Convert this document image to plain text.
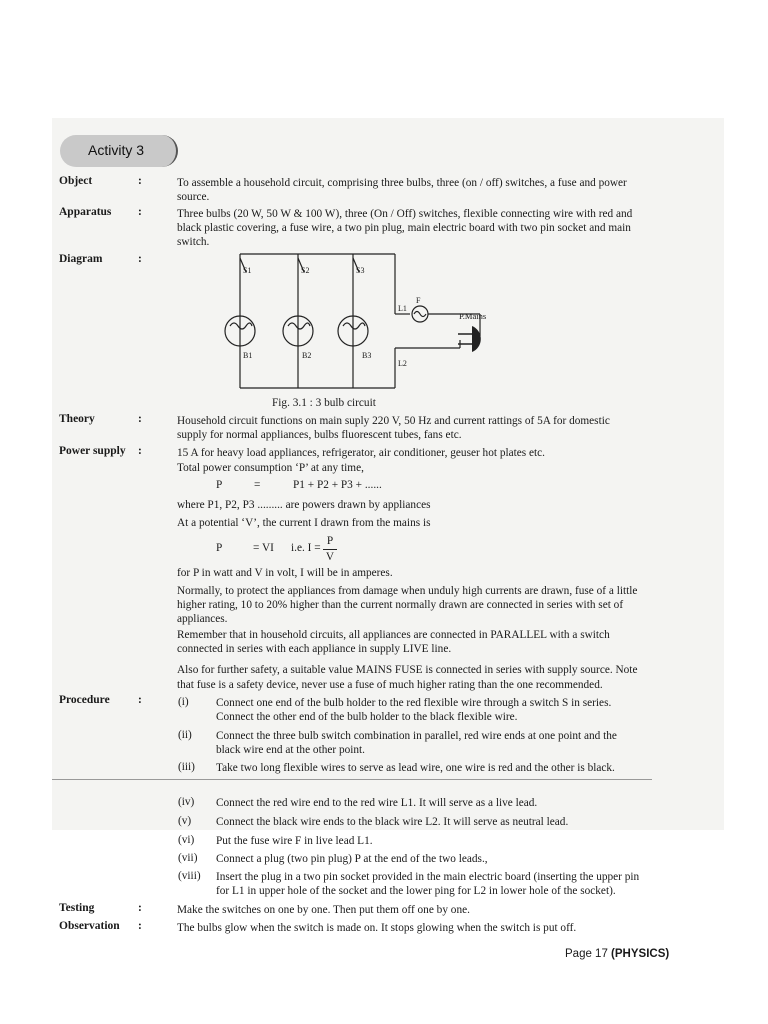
Activity 3
Object	:	To assemble a household circuit, comprising three bulbs, three (on / off) switches, a fuse and power
source.
Apparatus :	Three bulbs (20 W, 50 W & 100 W), three (On / Off) switches, flexible connecting wire with red and
black plastic covering, a fuse wire, a two pin plug, main electric board with two pin socket and main
switch.
Diagram	:
S1	S2	S3
B1	B2	B3
L1
L2
F
P.Mains
Fig. 3.1 : 3 bulb circuit
Theory	:	Household circuit functions on main suply 220 V, 50 Hz and current rattings of 5A for domestic
supply for normal appliances, bulbs fluorescent tubes, fans etc.
Power supply :	15 A for heavy load appliances, refrigerator, air conditioner, geuser hot plates etc.
Total power consumption ‘P’ at any time,
P	=	P1 + P2 + P3 + ......
where P1, P2, P3 ......... are powers drawn by appliances
At a potential ‘V’, the current I drawn from the mains is
P	= VI i.e. I =
P
V
for P in watt and V in volt, I will be in amperes.
Normally, to protect the appliances from damage when unduly high currents are drawn, fuse of a little
higher rating, 10 to 20% higher than the current normally drawn are connected in series with set of
appliances.
Remember that in household circuits, all appliances are connected in PARALLEL with a switch
connected in series with each appliance in supply LIVE line.
Also for further safety, a suitable value MAINS FUSE is connected in series with supply source. Note
that fuse is a safety device, never use a fuse of much higher rating than the one recommended.
Procedure :	(i) Connect one end of the bulb holder to the red flexible wire through a switch S in series.
Connect the other end of the bulb holder to the black flexible wire.
(ii) Connect the three bulb switch combination in parallel, red wire ends at one point and the
black wire end at the other point.
(iii) Take two long flexible wires to serve as lead wire, one wire is red and the other is black.
(iv) Connect the red wire end to the red wire L1. It will serve as a live lead.
(v) Connect the black wire ends to the black wire L2. It will serve as neutral lead.
(vi) Put the fuse wire F in live lead L1.
(vii) Connect a plug (two pin plug) P at the end of the two leads.,
(viii) Insert the plug in a two pin socket provided in the main electric board (inserting the upper pin
for L1 in upper hole of the socket and the lower ping for L2 in lower hole of the socket).
Testing	:	Make the switches on one by one. Then put them off one by one.
Observation :	The bulbs glow when the switch is made on. It stops glowing when the switch is put off.
Page 17 (PHYSICS)
